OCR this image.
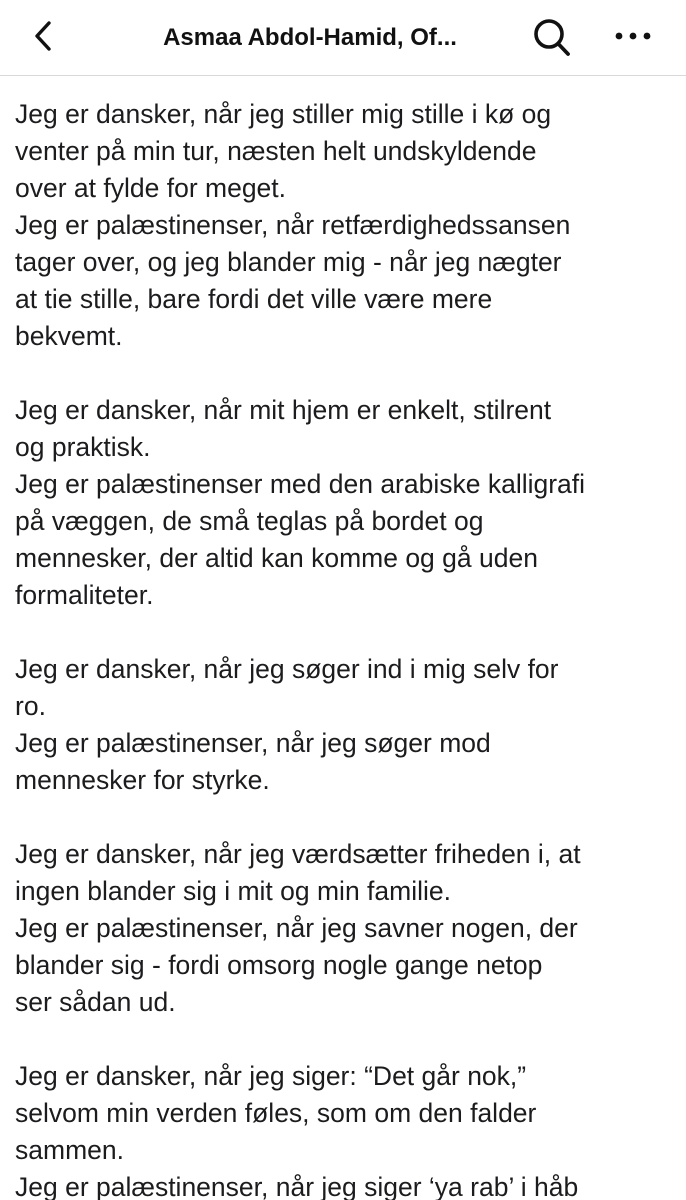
Asmaa Abdol-Hamid, Of...
Jeg er dansker, når jeg stiller mig stille i kø og
venter på min tur, næsten helt undskyldende
over at fylde for meget.
Jeg er palæstinenser, når retfærdighedssansen
tager over, og jeg blander mig - når jeg nægter
at tie stille, bare fordi det ville være mere
bekvemt.
Jeg er dansker, når mit hjem er enkelt, stilrent
og praktisk.
Jeg er palæstinenser med den arabiske kalligrafi
på væggen, de små teglas på bordet og
mennesker, der altid kan komme og gå uden
formaliteter.
Jeg er dansker, når jeg søger ind i mig selv for
ro.
Jeg er palæstinenser, når jeg søger mod
mennesker for styrke.
Jeg er dansker, når jeg værdsætter friheden i, at
ingen blander sig i mit og min familie.
Jeg er palæstinenser, når jeg savner nogen, der
blander sig - fordi omsorg nogle gange netop
ser sådan ud.
Jeg er dansker, når jeg siger: “Det går nok,”
selvom min verden føles, som om den falder
sammen.
Jeg er palæstinenser, når jeg siger ‘ya rab’ i håb
